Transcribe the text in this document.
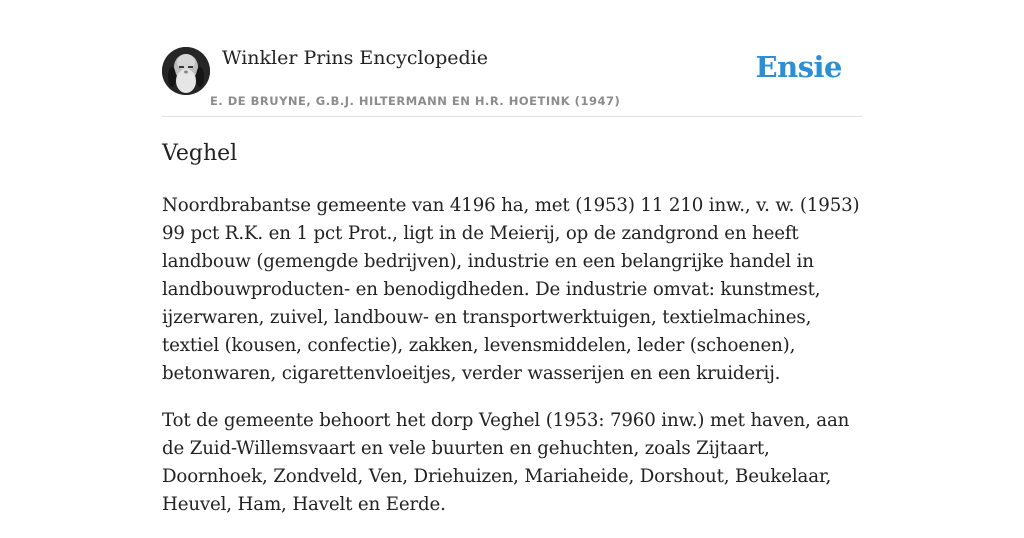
Winkler Prins Encyclopedie
E. DE BRUYNE, G.B.J. HILTERMANN EN H.R. HOETINK (1947)
Ensie
Veghel

Noordbrabantse gemeente van 4196 ha, met (1953) 11 210 inw., v. w. (1953) 99 pct R.K. en 1 pct Prot., ligt in de Meierij, op de zandgrond en heeft landbouw (gemengde bedrijven), industrie en een belangrijke handel in landbouwproducten- en benodigdheden. De industrie omvat: kunstmest, ijzerwaren, zuivel, landbouw- en transportwerktuigen, textielmachines, textiel (kousen, confectie), zakken, levensmiddelen, leder (schoenen), betonwaren, cigarettenvloeitjes, verder wasserijen en een kruiderij.

Tot de gemeente behoort het dorp Veghel (1953: 7960 inw.) met haven, aan de Zuid-Willemsvaart en vele buurten en gehuchten, zoals Zijtaart, Doornhoek, Zondveld, Ven, Driehuizen, Mariaheide, Dorshout, Beukelaar, Heuvel, Ham, Havelt en Eerde.
